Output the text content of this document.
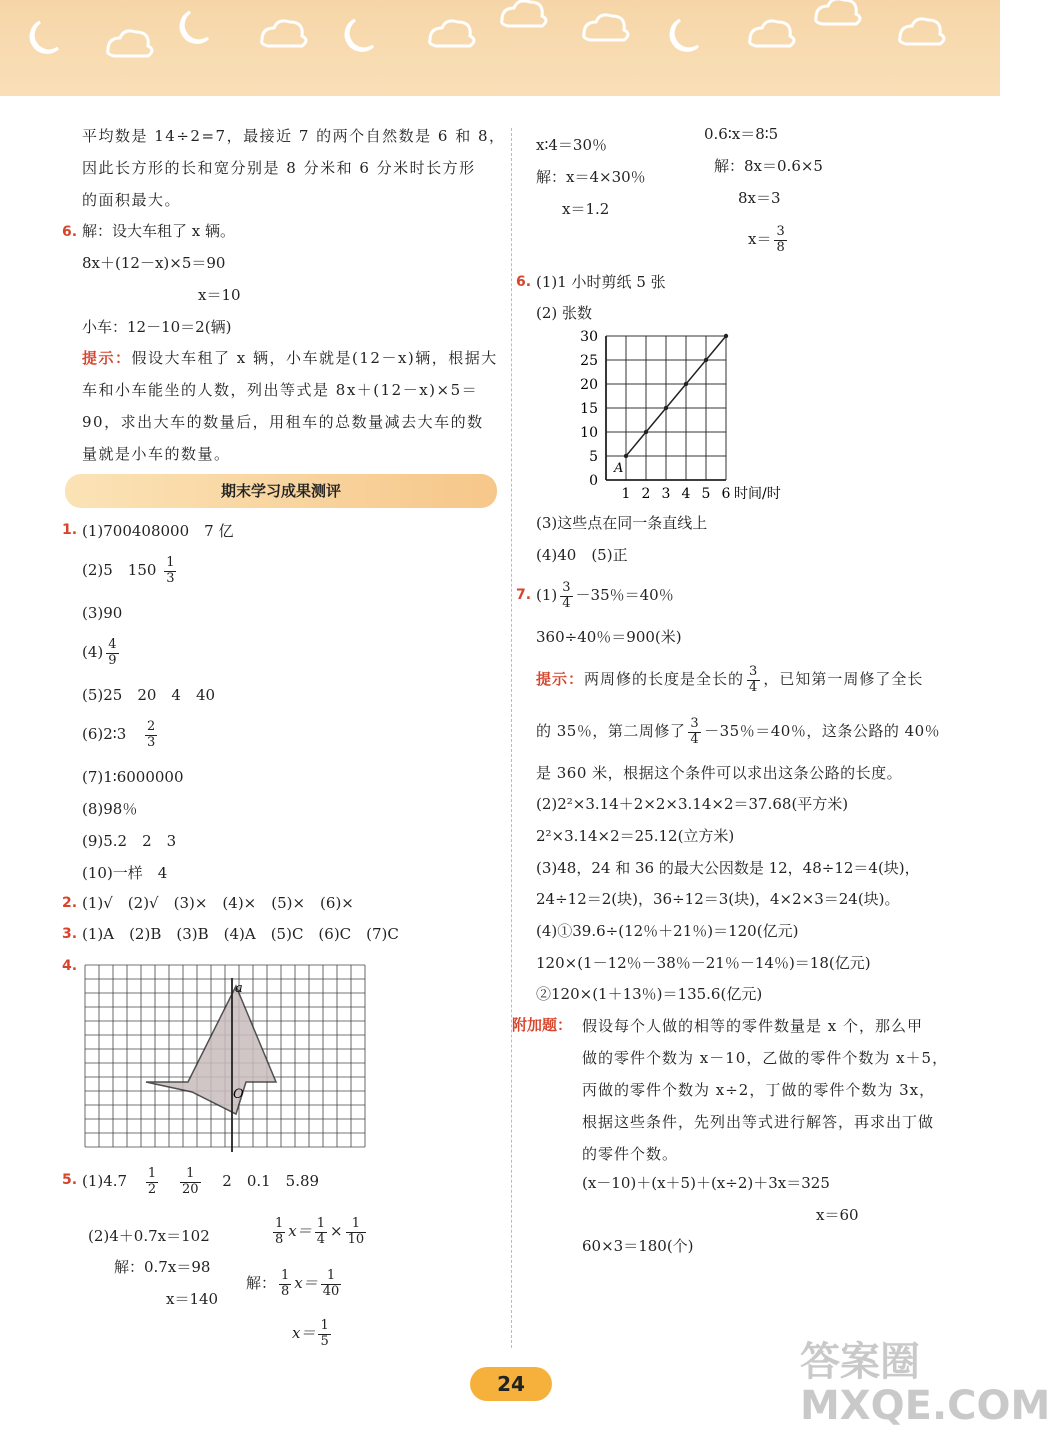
平均数是 14÷2=7，最接近 7 的两个自然数是 6 和 8，
因此长方形的长和宽分别是 8 分米和 6 分米时长方形
的面积最大。
6. 解：设大车租了 x 辆。
8x＋(12－x)×5＝90
x＝10
小车：12－10＝2(辆)
提示：假设大车租了 x 辆，小车就是(12－x)辆，根据大
车和小车能坐的人数，列出等式是 8x＋(12－x)×5＝
90，求出大车的数量后，用租车的总数量减去大车的数
量就是小车的数量。
期末学习成果测评
1. (1)700408000　7 亿
(2)5　$150 \frac{1}{3}$
(3)90
$(4) \frac{4}{9}$
(5)25　20　4　40
(6)2∶3 $\frac{2}{3}$
(7)1∶6000000
(8)98％
(9)5.2　2　3
(10)一样　4
2. (1)√　(2)√　(3)×　(4)×　(5)×　(6)×
3. (1)A　(2)B　(3)B　(4)A　(5)C　(6)C　(7)C
4.
a
O
5. $(1)4.7 \frac{1}{2}$
$\frac{1}{20} 2$　0.1　5.89
(2)4＋0.7x＝102
解：0.7x＝98
x＝140
$\frac{1}{8} x= \frac{1}{4} \times \frac{1}{10}$
解： $\frac{1}{8} x= \frac{1}{40}$
$x= \frac{1}{5}$
x∶4＝30％
解：x＝4×30％
x＝1.2
0.6∶x＝8∶5
解：8x＝0.6×5
8x＝3
$x= \frac{3}{8}$
6. (1)1 小时剪纸 5 张
(2) 张数
0
5
10
15
20
25
30
1 2 3 4 5 6 时间/时
A
(3)这些点在同一条直线上
(4)40　(5)正
7. $(1) \frac{3}{4} -35$％＝40％
360÷40％＝900(米)
提示：两周修的长度是全长的 $\frac{3}{4}$ ，已知第一周修了全长
的 35％，第二周修了 $\frac{3}{4} -35$％＝40％，这条公路的 40％
是 360 米，根据这个条件可以求出这条公路的长度。
(2)2²×3.14＋2×2×3.14×2＝37.68(平方米)
2²×3.14×2＝25.12(立方米)
(3)48，24 和 36 的最大公因数是 12，48÷12＝4(块)，
24÷12＝2(块)，36÷12＝3(块)，4×2×3＝24(块)。
(4)①39.6÷(12％＋21％)＝120(亿元)
120×(1－12％－38％－21％－14％)＝18(亿元)
②120×(1＋13％)＝135.6(亿元)
附加题： 假设每个人做的相等的零件数量是 x 个，那么甲
做的零件个数为 x－10，乙做的零件个数为 x＋5，
丙做的零件个数为 x÷2，丁做的零件个数为 3x，
根据这些条件，先列出等式进行解答，再求出丁做
的零件个数。
(x－10)＋(x＋5)＋(x÷2)＋3x＝325
x＝60
60×3＝180(个)
24	答案圈 MXQE.COM
